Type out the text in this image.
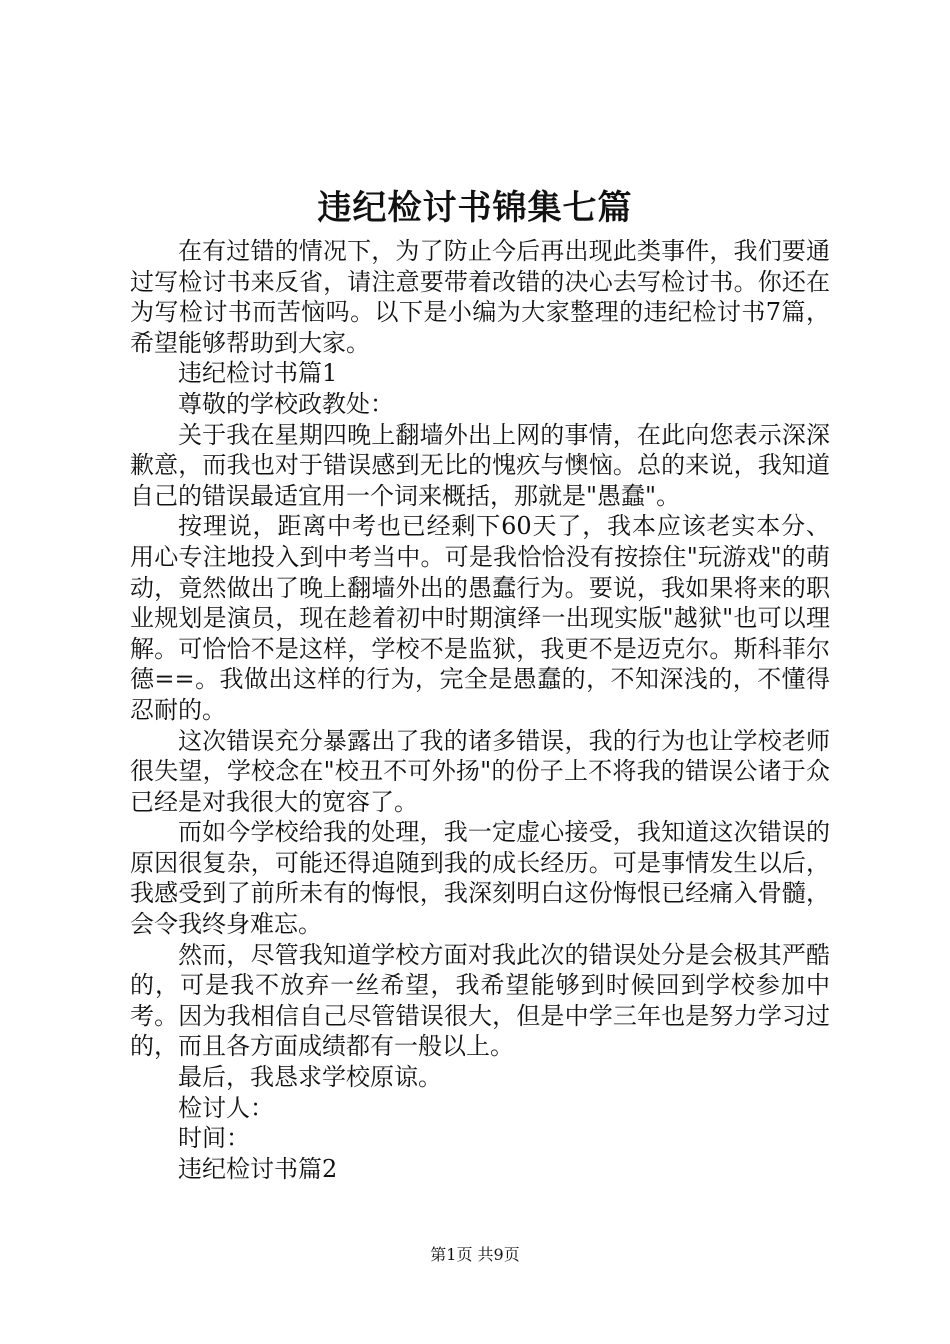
违纪检讨书锦集七篇

在有过错的情况下，为了防止今后再出现此类事件，我们要通过写检讨书来反省，请注意要带着改错的决心去写检讨书。你还在为写检讨书而苦恼吗。以下是小编为大家整理的违纪检讨书7篇，希望能够帮助到大家。

违纪检讨书篇1

尊敬的学校政教处：

关于我在星期四晚上翻墙外出上网的事情，在此向您表示深深歉意，而我也对于错误感到无比的愧疚与懊恼。总的来说，我知道自己的错误最适宜用一个词来概括，那就是"愚蠢"。

按理说，距离中考也已经剩下60天了，我本应该老实本分、用心专注地投入到中考当中。可是我恰恰没有按捺住"玩游戏"的萌动，竟然做出了晚上翻墙外出的愚蠢行为。要说，我如果将来的职业规划是演员，现在趁着初中时期演绎一出现实版"越狱"也可以理解。可恰恰不是这样，学校不是监狱，我更不是迈克尔。斯科菲尔德==。我做出这样的行为，完全是愚蠢的，不知深浅的，不懂得忍耐的。

这次错误充分暴露出了我的诸多错误，我的行为也让学校老师很失望，学校念在"校丑不可外扬"的份子上不将我的错误公诸于众已经是对我很大的宽容了。

而如今学校给我的处理，我一定虚心接受，我知道这次错误的原因很复杂，可能还得追随到我的成长经历。可是事情发生以后，我感受到了前所未有的悔恨，我深刻明白这份悔恨已经痛入骨髓，会令我终身难忘。

然而，尽管我知道学校方面对我此次的错误处分是会极其严酷的，可是我不放弃一丝希望，我希望能够到时候回到学校参加中考。因为我相信自己尽管错误很大，但是中学三年也是努力学习过的，而且各方面成绩都有一般以上。

最后，我恳求学校原谅。

检讨人：

时间：

违纪检讨书篇2

第1页 共9页
